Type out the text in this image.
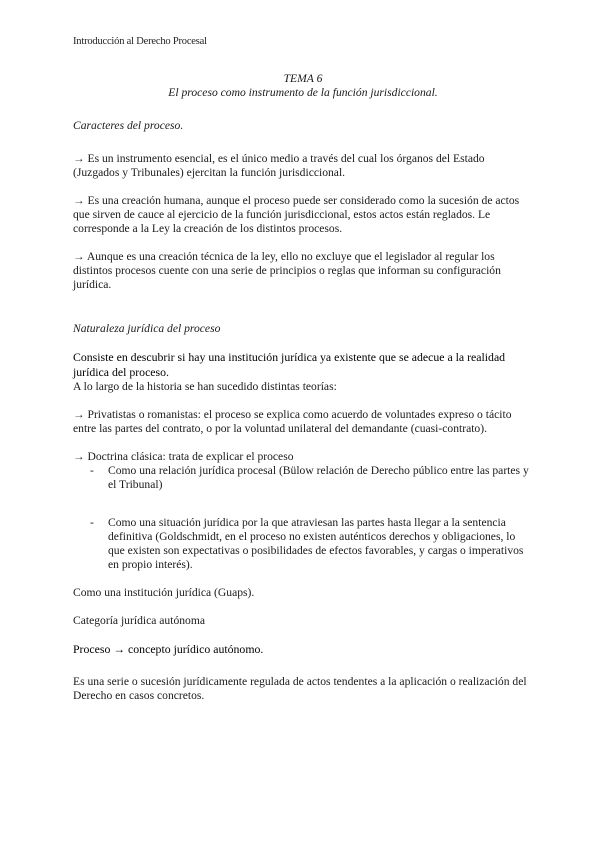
Introducción al Derecho Procesal

TEMA 6

El proceso como instrumento de la función jurisdiccional.

Caracteres del proceso.

→ Es un instrumento esencial, es el único medio a través del cual los órganos del Estado (Juzgados y Tribunales) ejercitan la función jurisdiccional.

→ Es una creación humana, aunque el proceso puede ser considerado como la sucesión de actos que sirven de cauce al ejercicio de la función jurisdiccional, estos actos están reglados. Le corresponde a la Ley la creación de los distintos procesos.

→ Aunque es una creación técnica de la ley, ello no excluye que el legislador al regular los distintos procesos cuente con una serie de principios o reglas que informan su configuración jurídica.

Naturaleza jurídica del proceso

Consiste en descubrir si hay una institución jurídica ya existente que se adecue a la realidad jurídica del proceso.

A lo largo de la historia se han sucedido distintas teorías:

→ Privatistas o romanistas: el proceso se explica como acuerdo de voluntades expreso o tácito entre las partes del contrato, o por la voluntad unilateral del demandante (cuasi-contrato).

→ Doctrina clásica: trata de explicar el proceso

- Como una relación jurídica procesal (Bülow relación de Derecho público entre las partes y el Tribunal)
- Como una situación jurídica por la que atraviesan las partes hasta llegar a la sentencia definitiva (Goldschmidt, en el proceso no existen auténticos derechos y obligaciones, lo que existen son expectativas o posibilidades de efectos favorables, y cargas o imperativos en propio interés).

Como una institución jurídica (Guaps).

Categoría jurídica autónoma

Proceso → concepto jurídico autónomo.

Es una serie o sucesión jurídicamente regulada de actos tendentes a la aplicación o realización del Derecho en casos concretos.
